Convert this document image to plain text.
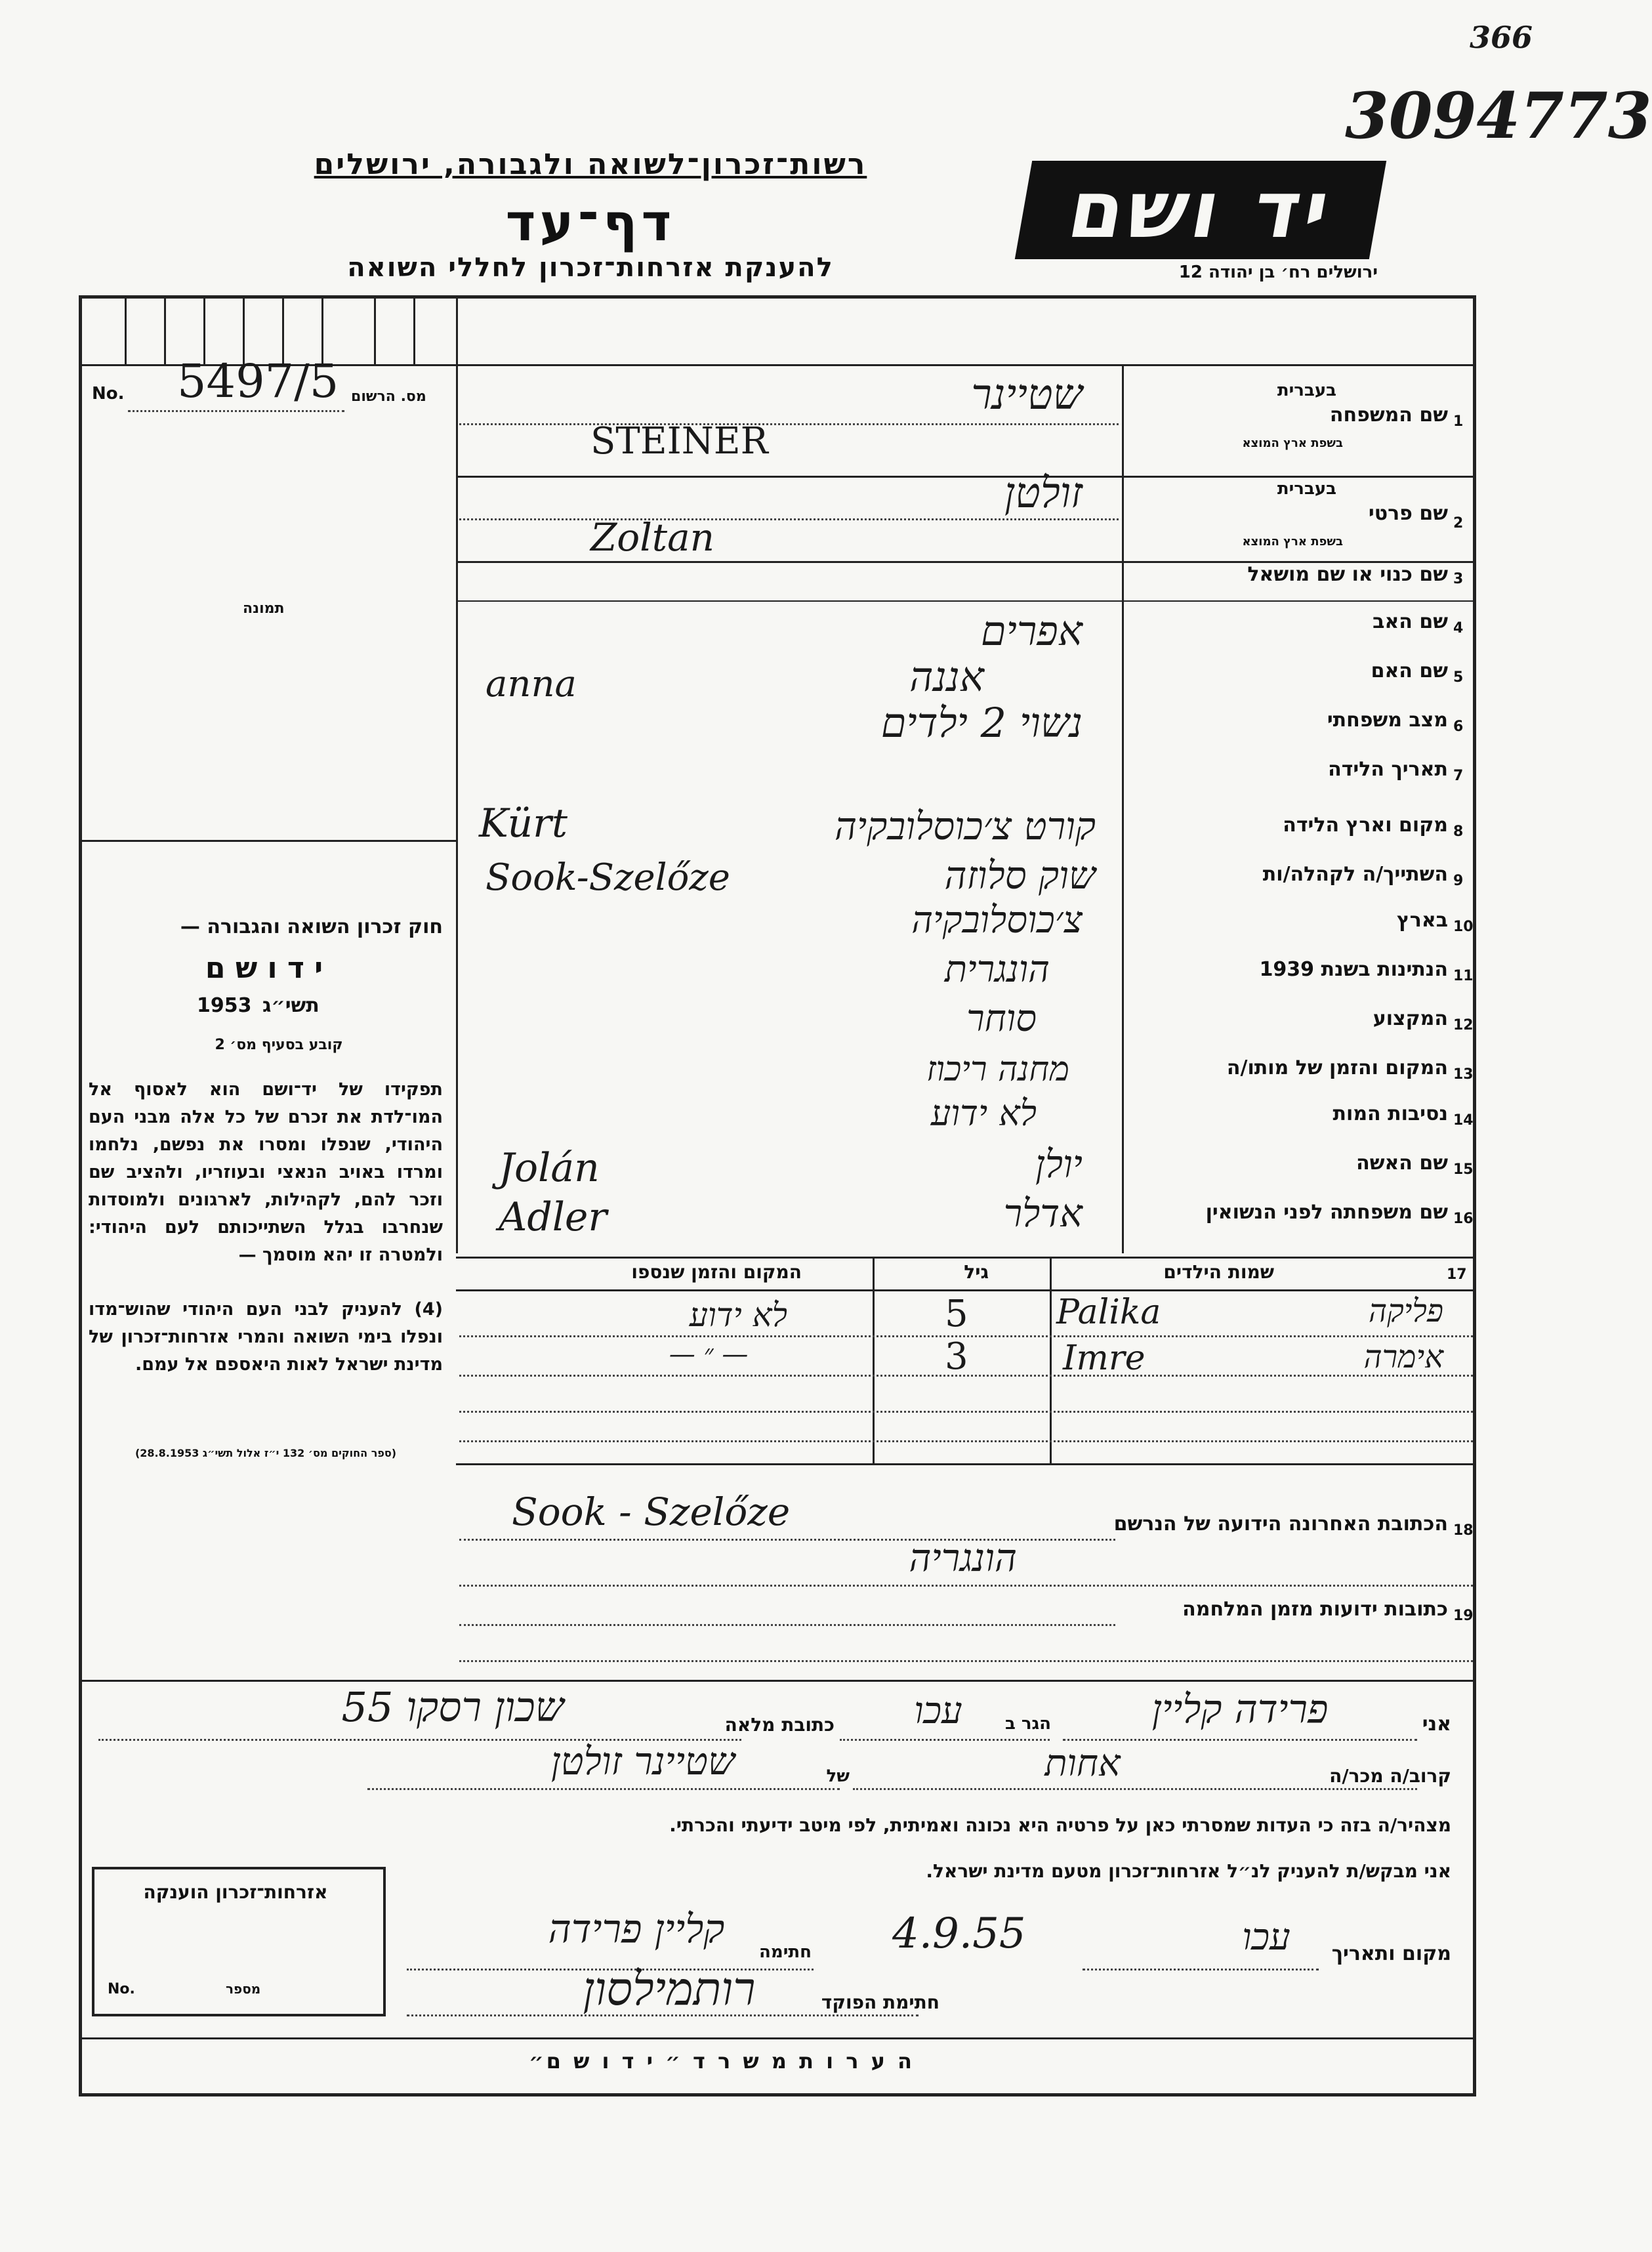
366
3094773
רשות־זכרון־לשואה ולגבורה, ירושלים
דף־עד
להענקת אזרחות־זכרון לחללי השואה
יד ושם
ירושלים רח׳ בן יהודה 12
No. 5497/5 מס. הרשום
תמונה
חוק זכרון השואה והגבורה —
י ד ו ש ם
1953 תשי״ג
קובע בסעיף מס׳ 2
תפקידו של יד־ושם הוא לאסוף אל המו־לדת את זכרם של כל אלה מבני העם היהודי, שנפלו ומסרו את נפשם, נלחמו ומרדו באויב הנאצי ובעוזריו, ולהציב שם וזכר להם, לקהילות, לארגונים ולמוסדות שנחרבו בגלל השתייכותם לעם היהודי: ולמטרה זו יהא מוסמך —
(4) להעניק לבני העם היהודי שהוש־מדו ונפלו בימי השואה והמרי אזרחות־זכרון של מדינת ישראל לאות היאספם אל עמם.
(ספר החוקים מס׳ 132 י״ז אלול תשי״ג 28.8.1953)
1
שם המשפחה
בעברית
בשפת ארץ המוצא
שטיינר
STEINER
2
שם פרטי
בעברית
בשפת ארץ המוצא
זולטן
Zoltan
3
שם כנוי או שם מושאל
4
שם האב
אפרים
5
שם האם
אננה
anna
6
מצב משפחתי
נשוי 2 ילדים
7
תאריך הלידה
8
מקום וארץ הלידה
קורט צ׳כוסלובקיה
Kürt
9
השתייך/ה לקהלה/ות
שוק סלוזה
Sook-Szelőze
10
בארץ
צ׳כוסלובקיה
11
הנתינות בשנת 1939
הונגרית
12
המקצוע
סוחר
13
המקום והזמן של מותו/ה
מחנה ריכוז
14
נסיבות המות
לא ידוע
15
שם האשה
יולן
Jolán
16
שם משפחתה לפני הנשואין
אדלר
Adler
17
שמות הילדים
גיל
המקום והזמן שנספו
פליקה
Palika
5
לא ידוע
אימרה
Imre
3
— ״ —
18
הכתובת האחרונה הידועה של הנרשם
Sook - Szelőze
הונגריה
19
כתובות ידועות מזמן המלחמה
אני
פרידה קליין
הגר ב
עכו
כתובת מלאה
שכון רסקו 55
קרוב/ה מכר/ה
אחות
של
שטיינר זולטן
מצהיר/ה בזה כי העדות שמסרתי כאן על פרטיה היא נכונה ואמיתית, לפי מיטב ידיעתי והכרתי.
אני מבקש/ת להעניק לנ״ל אזרחות־זכרון מטעם מדינת ישראל.
מקום ותאריך
עכו
4.9.55
חתימה
קליין פרידה
חתימת הפוקד
רותמילסון
אזרחות־זכרון הוענקה
No.	מספר
ה ע ר ו ת מ ש ר ד ״ י ד ו ש ם״
